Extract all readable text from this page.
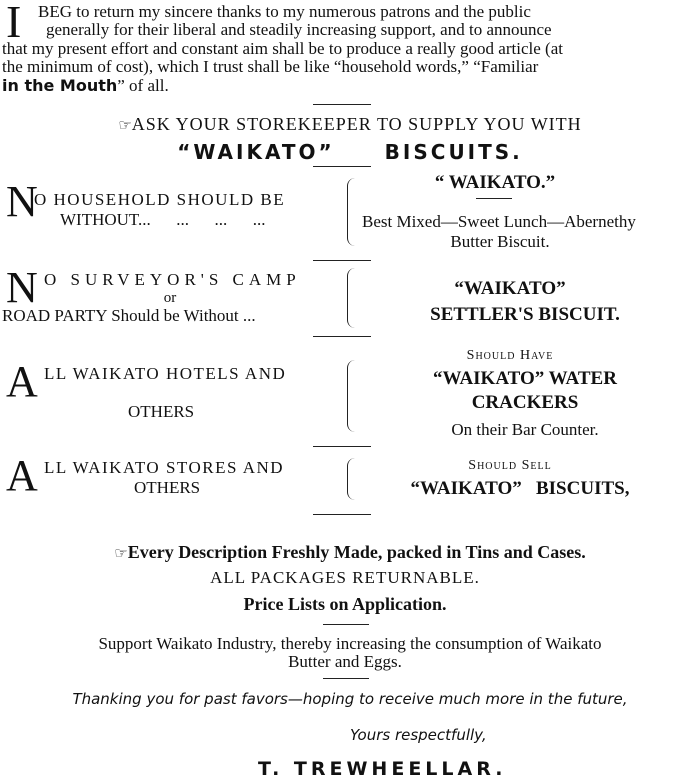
I BEG to return my sincere thanks to my numerous patrons and the public
generally for their liberal and steadily increasing support, and to announce
that my present effort and constant aim shall be to produce a really good article (at
the minimum of cost), which I trust shall be like “household words,” “Familiar
in the Mouth” of all.
☞ASK YOUR STOREKEEPER TO SUPPLY YOU WITH
“WAIKATO”	BISCUITS.
N
O HOUSEHOLD SHOULD BE
WITHOUT...      ...      ...      ...
“ WAIKATO.”
Best Mixed—Sweet Lunch—Abernethy
Butter Biscuit.
N O SURVEYOR'S CAMP
or
ROAD PARTY Should be Without ...
“WAIKATO”
SETTLER'S BISCUIT.
A LL WAIKATO HOTELS AND
OTHERS
Should Have
“WAIKATO” WATER
CRACKERS
On their Bar Counter.
A LL WAIKATO STORES AND
OTHERS
Should Sell
“WAIKATO”   BISCUITS,
☞Every Description Freshly Made, packed in Tins and Cases.
ALL PACKAGES RETURNABLE.
Price Lists on Application.
Support Waikato Industry, thereby increasing the consumption of Waikato
Butter and Eggs.
Thanking you for past favors—hoping to receive much more in the future,
Yours respectfully,
T. TREWHEELLAR.
